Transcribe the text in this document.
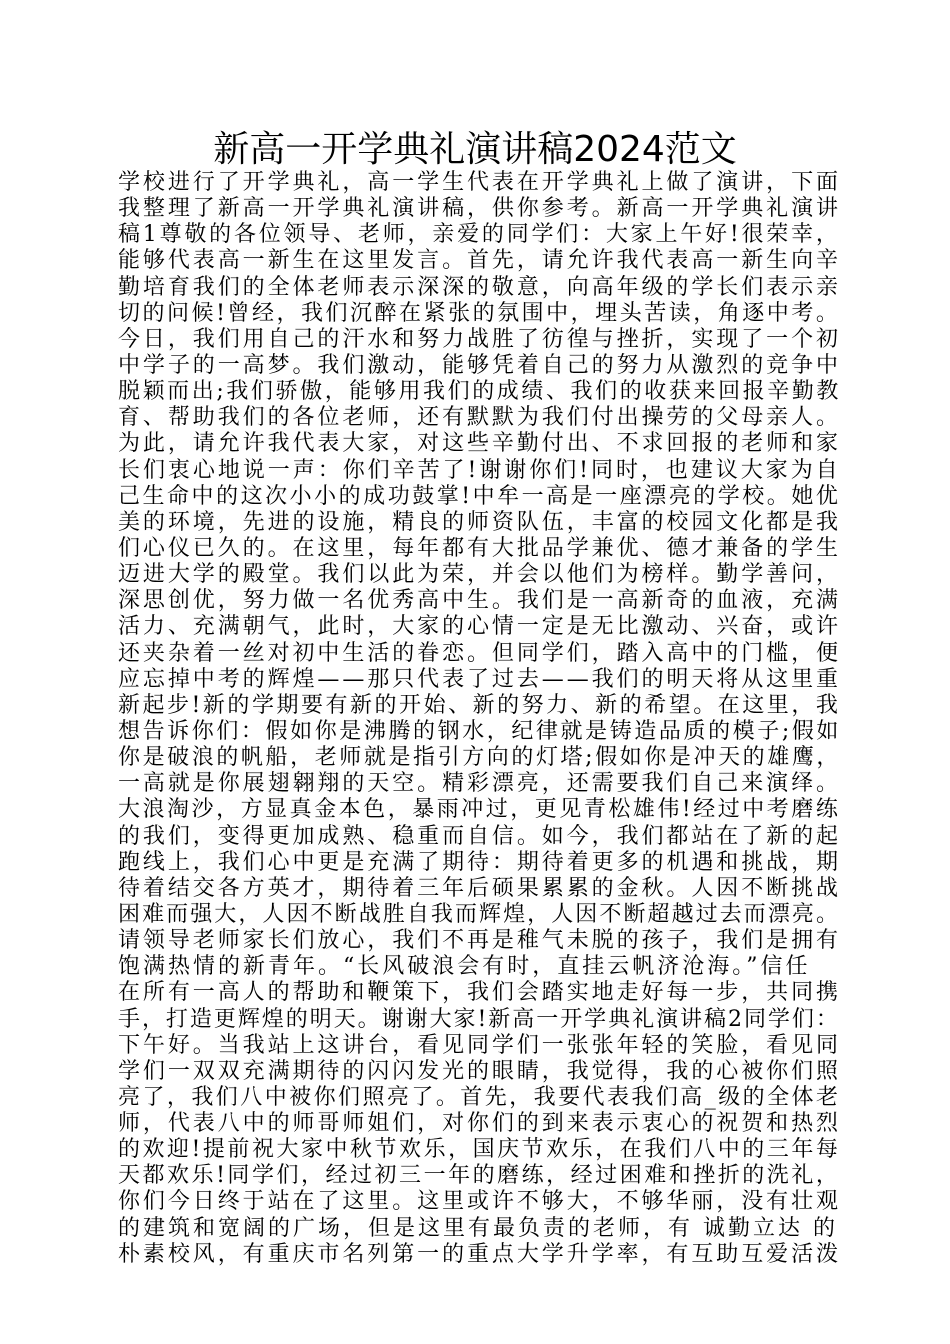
新高一开学典礼演讲稿2024范文
学校进行了开学典礼，高一学生代表在开学典礼上做了演讲，下面
我整理了新高一开学典礼演讲稿，供你参考。新高一开学典礼演讲
稿1尊敬的各位领导、老师，亲爱的同学们：大家上午好!很荣幸，
能够代表高一新生在这里发言。首先，请允许我代表高一新生向辛
勤培育我们的全体老师表示深深的敬意，向高年级的学长们表示亲
切的问候!曾经，我们沉醉在紧张的氛围中，埋头苦读，角逐中考。
今日，我们用自己的汗水和努力战胜了彷徨与挫折，实现了一个初
中学子的一高梦。我们激动，能够凭着自己的努力从激烈的竞争中
脱颖而出;我们骄傲，能够用我们的成绩、我们的收获来回报辛勤教
育、帮助我们的各位老师，还有默默为我们付出操劳的父母亲人。
为此，请允许我代表大家，对这些辛勤付出、不求回报的老师和家
长们衷心地说一声：你们辛苦了!谢谢你们!同时，也建议大家为自
己生命中的这次小小的成功鼓掌!中牟一高是一座漂亮的学校。她优
美的环境，先进的设施，精良的师资队伍，丰富的校园文化都是我
们心仪已久的。在这里，每年都有大批品学兼优、德才兼备的学生
迈进大学的殿堂。我们以此为荣，并会以他们为榜样。勤学善问，
深思创优，努力做一名优秀高中生。我们是一高新奇的血液，充满
活力、充满朝气，此时，大家的心情一定是无比激动、兴奋，或许
还夹杂着一丝对初中生活的眷恋。但同学们，踏入高中的门槛，便
应忘掉中考的辉煌——那只代表了过去——我们的明天将从这里重
新起步!新的学期要有新的开始、新的努力、新的希望。在这里，我
想告诉你们：假如你是沸腾的钢水，纪律就是铸造品质的模子;假如
你是破浪的帆船，老师就是指引方向的灯塔;假如你是冲天的雄鹰，
一高就是你展翅翱翔的天空。精彩漂亮，还需要我们自己来演绎。
大浪淘沙，方显真金本色，暴雨冲过，更见青松雄伟!经过中考磨练
的我们，变得更加成熟、稳重而自信。如今，我们都站在了新的起
跑线上，我们心中更是充满了期待：期待着更多的机遇和挑战，期
待着结交各方英才，期待着三年后硕果累累的金秋。人因不断挑战
困难而强大，人因不断战胜自我而辉煌，人因不断超越过去而漂亮。
请领导老师家长们放心，我们不再是稚气未脱的孩子，我们是拥有
饱满热情的新青年。“长风破浪会有时，直挂云帆济沧海。”信任
在所有一高人的帮助和鞭策下，我们会踏实地走好每一步，共同携
手，打造更辉煌的明天。谢谢大家!新高一开学典礼演讲稿2同学们：
下午好。当我站上这讲台，看见同学们一张张年轻的笑脸，看见同
学们一双双充满期待的闪闪发光的眼睛，我觉得，我的心被你们照
亮了，我们八中被你们照亮了。首先，我要代表我们高_级的全体老
师，代表八中的师哥师姐们，对你们的到来表示衷心的祝贺和热烈
的欢迎!提前祝大家中秋节欢乐，国庆节欢乐，在我们八中的三年每
天都欢乐!同学们，经过初三一年的磨练，经过困难和挫折的洗礼，
你们今日终于站在了这里。这里或许不够大，不够华丽，没有壮观
的建筑和宽阔的广场，但是这里有最负责的老师，有 诚勤立达 的
朴素校风，有重庆市名列第一的重点大学升学率，有互助互爱活泼
